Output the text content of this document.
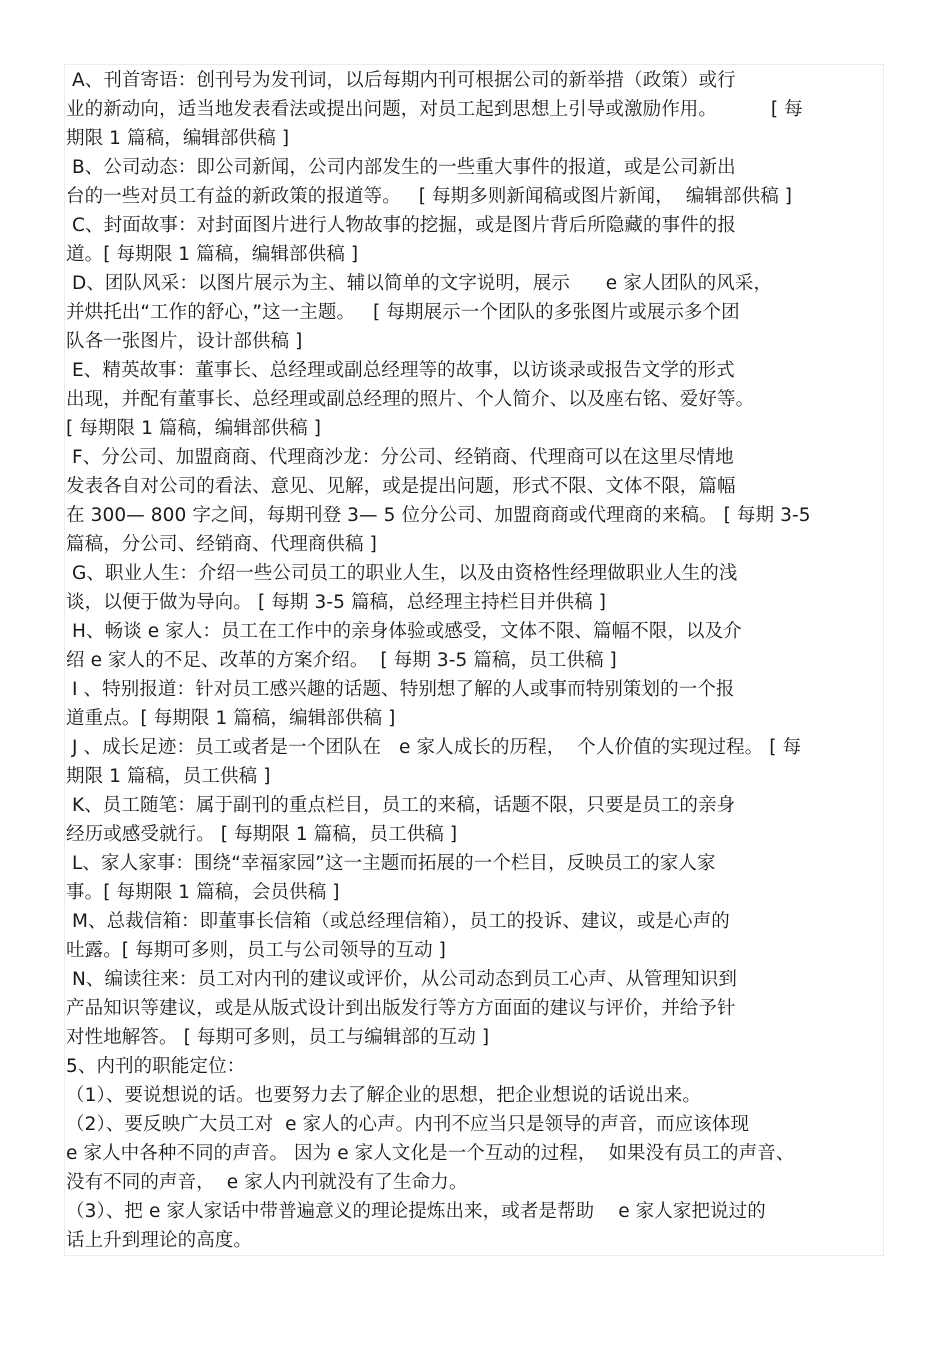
A、刊首寄语：创刊号为发刊词，以后每期内刊可根据公司的新举措（政策）或行
业的新动向，适当地发表看法或提出问题，对员工起到思想上引导或激励作用。         [ 每
期限 1 篇稿，编辑部供稿 ]
B、公司动态：即公司新闻，公司内部发生的一些重大事件的报道，或是公司新出
台的一些对员工有益的新政策的报道等。   [ 每期多则新闻稿或图片新闻，  编辑部供稿 ]
C、封面故事：对封面图片进行人物故事的挖掘，或是图片背后所隐藏的事件的报
道。[ 每期限 1 篇稿，编辑部供稿 ]
D、团队风采：以图片展示为主、辅以简单的文字说明，展示      e 家人团队的风采，
并烘托出“工作的舒心，”这一主题。   [ 每期展示一个团队的多张图片或展示多个团
队各一张图片，设计部供稿 ]
E、精英故事：董事长、总经理或副总经理等的故事，以访谈录或报告文学的形式
出现，并配有董事长、总经理或副总经理的照片、个人简介、以及座右铭、爱好等。
[ 每期限 1 篇稿，编辑部供稿 ]
F、分公司、加盟商商、代理商沙龙：分公司、经销商、代理商可以在这里尽情地
发表各自对公司的看法、意见、见解，或是提出问题，形式不限、文体不限，篇幅
在 300— 800 字之间，每期刊登 3— 5 位分公司、加盟商商或代理商的来稿。 [ 每期 3-5
篇稿，分公司、经销商、代理商供稿 ]
G、职业人生：介绍一些公司员工的职业人生，以及由资格性经理做职业人生的浅
谈，以便于做为导向。 [ 每期 3-5 篇稿，总经理主持栏目并供稿 ]
H、畅谈 e 家人：员工在工作中的亲身体验或感受，文体不限、篇幅不限，以及介
绍 e 家人的不足、改革的方案介绍。  [ 每期 3-5 篇稿，员工供稿 ]
I 、特别报道：针对员工感兴趣的话题、特别想了解的人或事而特别策划的一个报
道重点。[ 每期限 1 篇稿，编辑部供稿 ]
J 、成长足迹：员工或者是一个团队在   e 家人成长的历程，  个人价值的实现过程。 [ 每
期限 1 篇稿，员工供稿 ]
K、员工随笔：属于副刊的重点栏目，员工的来稿，话题不限，只要是员工的亲身
经历或感受就行。 [ 每期限 1 篇稿，员工供稿 ]
L、家人家事：围绕“幸福家园”这一主题而拓展的一个栏目，反映员工的家人家
事。[ 每期限 1 篇稿，会员供稿 ]
M、总裁信箱：即董事长信箱（或总经理信箱），员工的投诉、建议，或是心声的
吐露。[ 每期可多则，员工与公司领导的互动 ]
N、编读往来：员工对内刊的建议或评价，从公司动态到员工心声、从管理知识到
产品知识等建议，或是从版式设计到出版发行等方方面面的建议与评价，并给予针
对性地解答。 [ 每期可多则，员工与编辑部的互动 ]
5、内刊的职能定位：
（1）、要说想说的话。也要努力去了解企业的思想，把企业想说的话说出来。
（2）、要反映广大员工对  e 家人的心声。内刊不应当只是领导的声音，而应该体现
e 家人中各种不同的声音。 因为 e 家人文化是一个互动的过程，  如果没有员工的声音、
没有不同的声音，  e 家人内刊就没有了生命力。
（3）、把 e 家人家话中带普遍意义的理论提炼出来，或者是帮助    e 家人家把说过的
话上升到理论的高度。
